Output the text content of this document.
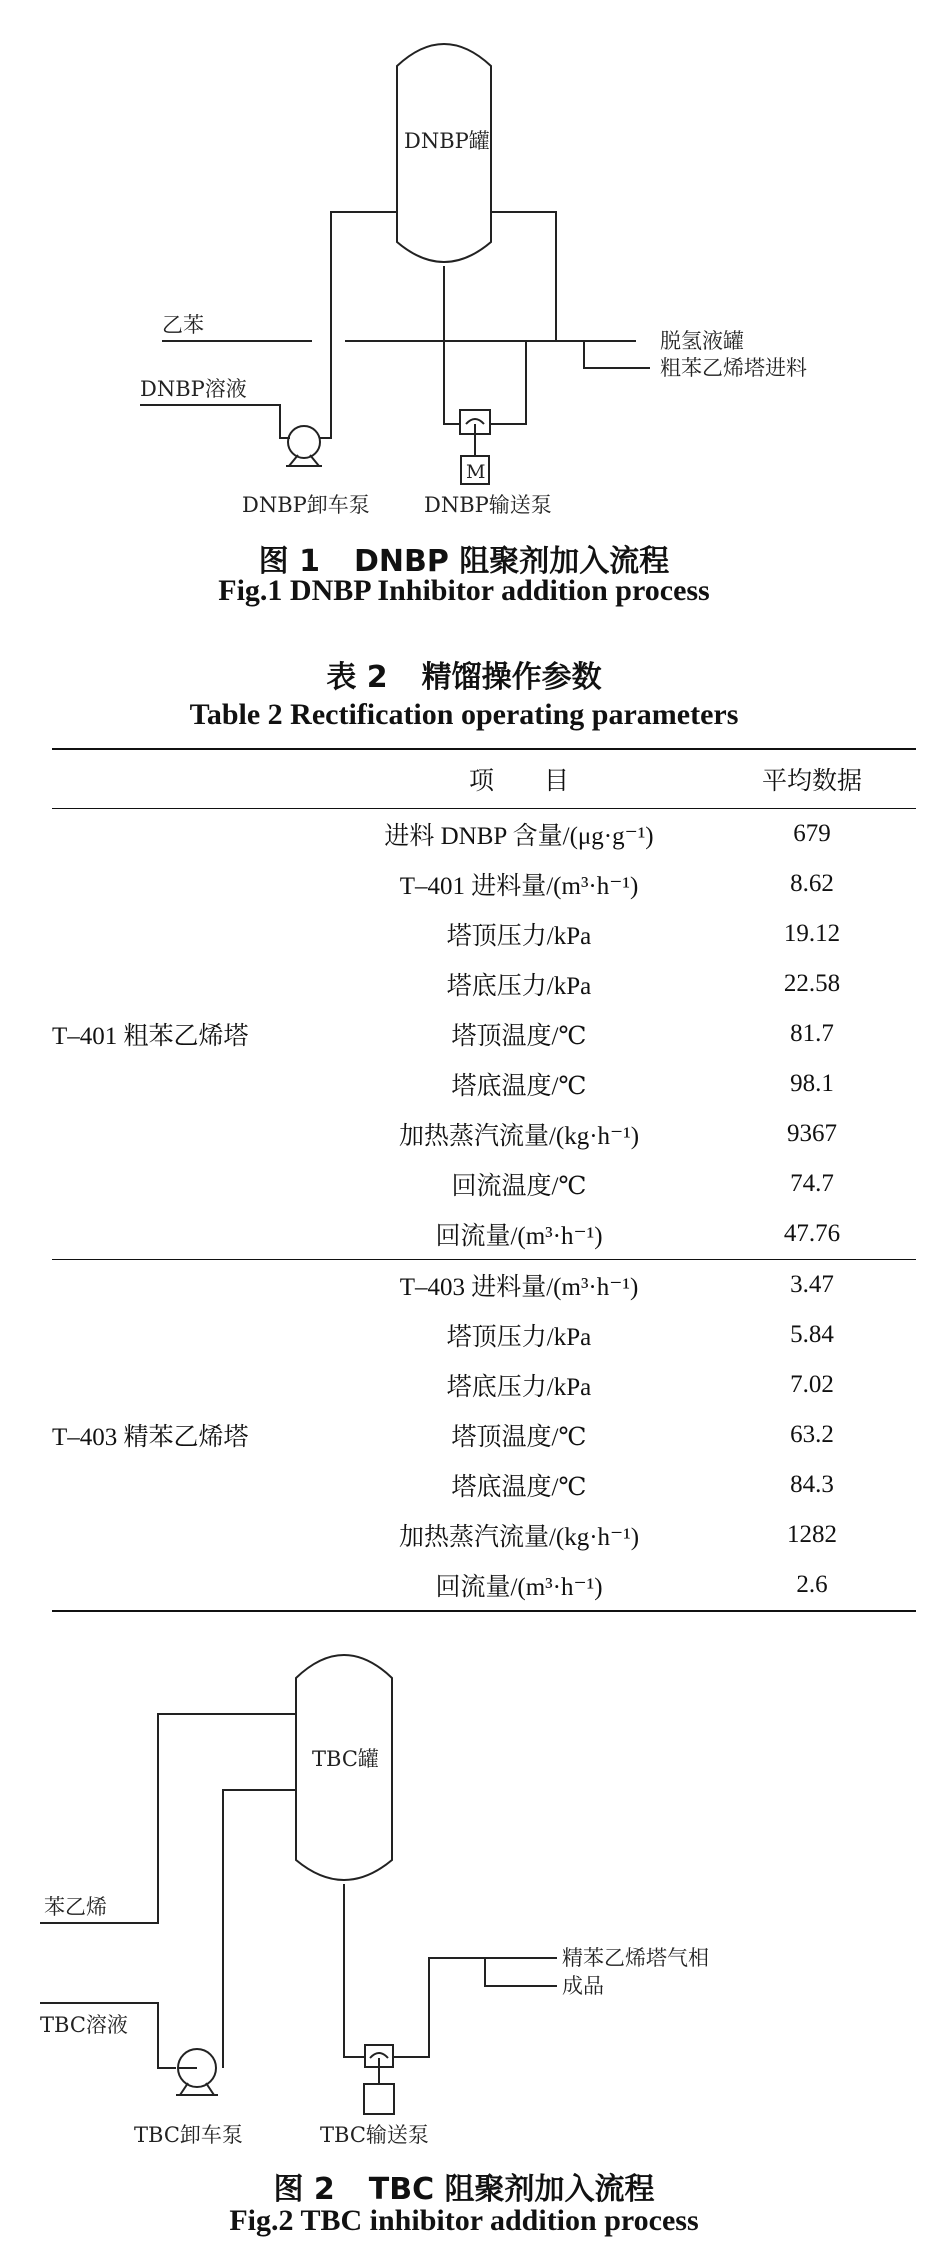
DNBP罐
乙苯
DNBP溶液
脱氢液罐
粗苯乙烯塔进料
M
DNBP卸车泵	DNBP输送泵
图 1 DNBP 阻聚剂加入流程
Fig.1 DNBP Inhibitor addition process
表 2 精馏操作参数
Table 2 Rectification operating parameters
	项　　目	平均数据
T–401 粗苯乙烯塔	进料 DNBP 含量/(μg·g⁻¹)	679
	T–401 进料量/(m³·h⁻¹)	8.62
	塔顶压力/kPa	19.12
	塔底压力/kPa	22.58
	塔顶温度/℃	81.7
	塔底温度/℃	98.1
	加热蒸汽流量/(kg·h⁻¹)	9367
	回流温度/℃	74.7
	回流量/(m³·h⁻¹)	47.76
T–403 精苯乙烯塔	T–403 进料量/(m³·h⁻¹)	3.47
	塔顶压力/kPa	5.84
	塔底压力/kPa	7.02
	塔顶温度/℃	63.2
	塔底温度/℃	84.3
	加热蒸汽流量/(kg·h⁻¹)	1282
	回流量/(m³·h⁻¹)	2.6
TBC罐
苯乙烯
TBC溶液
精苯乙烯塔气相
成品
TBC卸车泵	TBC输送泵
图 2 TBC 阻聚剂加入流程
Fig.2 TBC inhibitor addition process
